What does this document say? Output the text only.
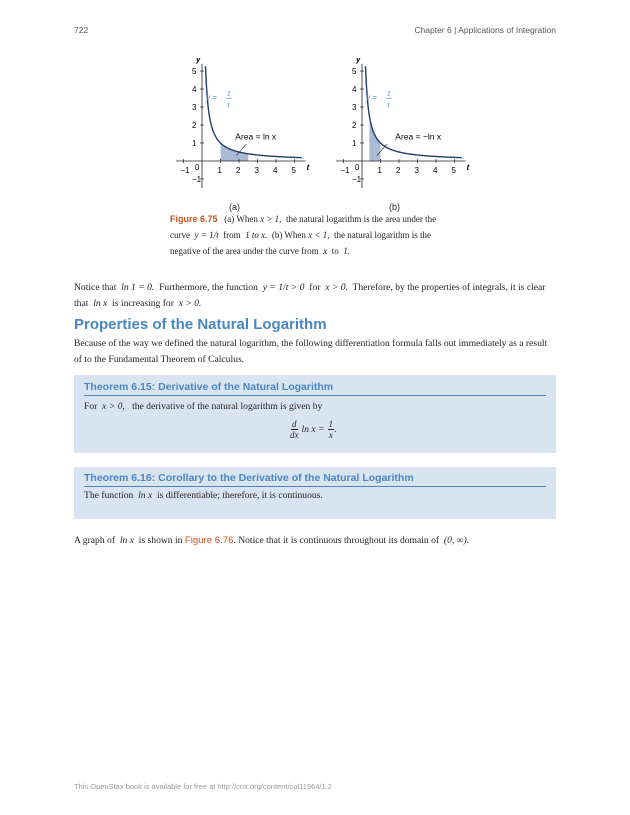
722	Chapter 6 | Applications of Integration
y
t
−1 0 1 2 3 4 5
5
4
3
2
1
−1
y = 1
t
Area = ln x
y
t
−1 0 1 2 3 4 5
5
4
3
2
1
−1
y = 1
t
Area = −ln x
(a)	(b)
Figure 6.75 (a) When x > 1, the natural logarithm is the area under the
curve y = 1/t from 1 to x. (b) When x < 1, the natural logarithm is the
negative of the area under the curve from x to 1.
Notice that ln 1 = 0. Furthermore, the function y = 1/t > 0 for x > 0. Therefore, by the properties of integrals, it is clear
that ln x is increasing for x > 0.
Properties of the Natural Logarithm
Because of the way we defined the natural logarithm, the following differentiation formula falls out immediately as a result
of to the Fundamental Theorem of Calculus.
Theorem 6.15: Derivative of the Natural Logarithm
For x > 0, the derivative of the natural logarithm is given by
$\frac{d}{dx}$ $\ln x = \frac{1}{x}$ .
Theorem 6.16: Corollary to the Derivative of the Natural Logarithm
The function ln x is differentiable; therefore, it is continuous.
A graph of ln x is shown in Figure 6.76. Notice that it is continuous throughout its domain of (0, ∞).
This OpenStax book is available for free at http://cnx.org/content/col11964/1.2
